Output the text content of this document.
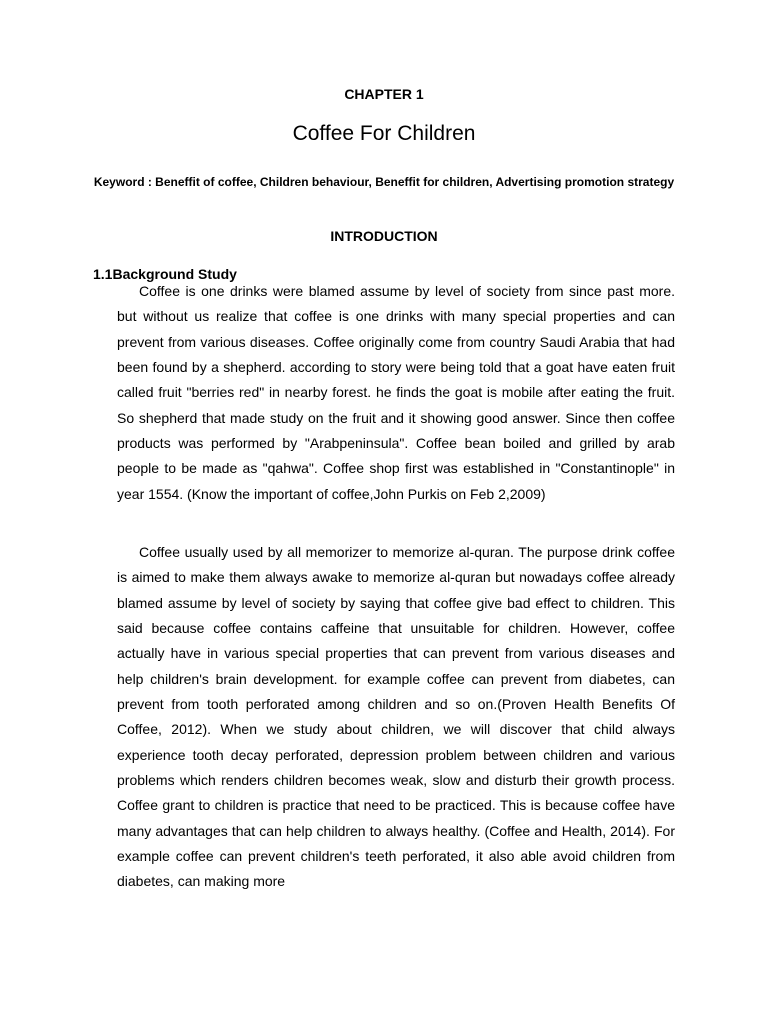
CHAPTER 1
Coffee For Children
Keyword : Beneffit of coffee, Children behaviour, Beneffit for children, Advertising promotion strategy
INTRODUCTION
1.1Background Study

Coffee is one drinks were blamed assume by level of society from since past more. but without us realize that coffee is one drinks with many special properties and can prevent from various diseases. Coffee originally come from country Saudi Arabia that had been found by a shepherd. according to story were being told that a goat have eaten fruit called fruit "berries red" in nearby forest. he finds the goat is mobile after eating the fruit. So shepherd that made study on the fruit and it showing good answer. Since then coffee products was performed by "Arabpeninsula". Coffee bean boiled and grilled by arab people to be made as "qahwa". Coffee shop first was established in "Constantinople" in year 1554. (Know the important of coffee,John Purkis on Feb 2,2009)

Coffee usually used by all memorizer to memorize al-quran. The purpose drink coffee is aimed to make them always awake to memorize al-quran but nowadays coffee already blamed assume by level of society by saying that coffee give bad effect to children. This said because coffee contains caffeine that unsuitable for children. However, coffee actually have in various special properties that can prevent from various diseases and help children's brain development. for example coffee can prevent from diabetes, can prevent from tooth perforated among children and so on.(Proven Health Benefits Of Coffee, 2012). When we study about children, we will discover that child always experience tooth decay perforated, depression problem between children and various problems which renders children becomes weak, slow and disturb their growth process. Coffee grant to children is practice that need to be practiced. This is because coffee have many advantages that can help children to always healthy. (Coffee and Health, 2014). For example coffee can prevent children's teeth perforated, it also able avoid children from diabetes, can making more
